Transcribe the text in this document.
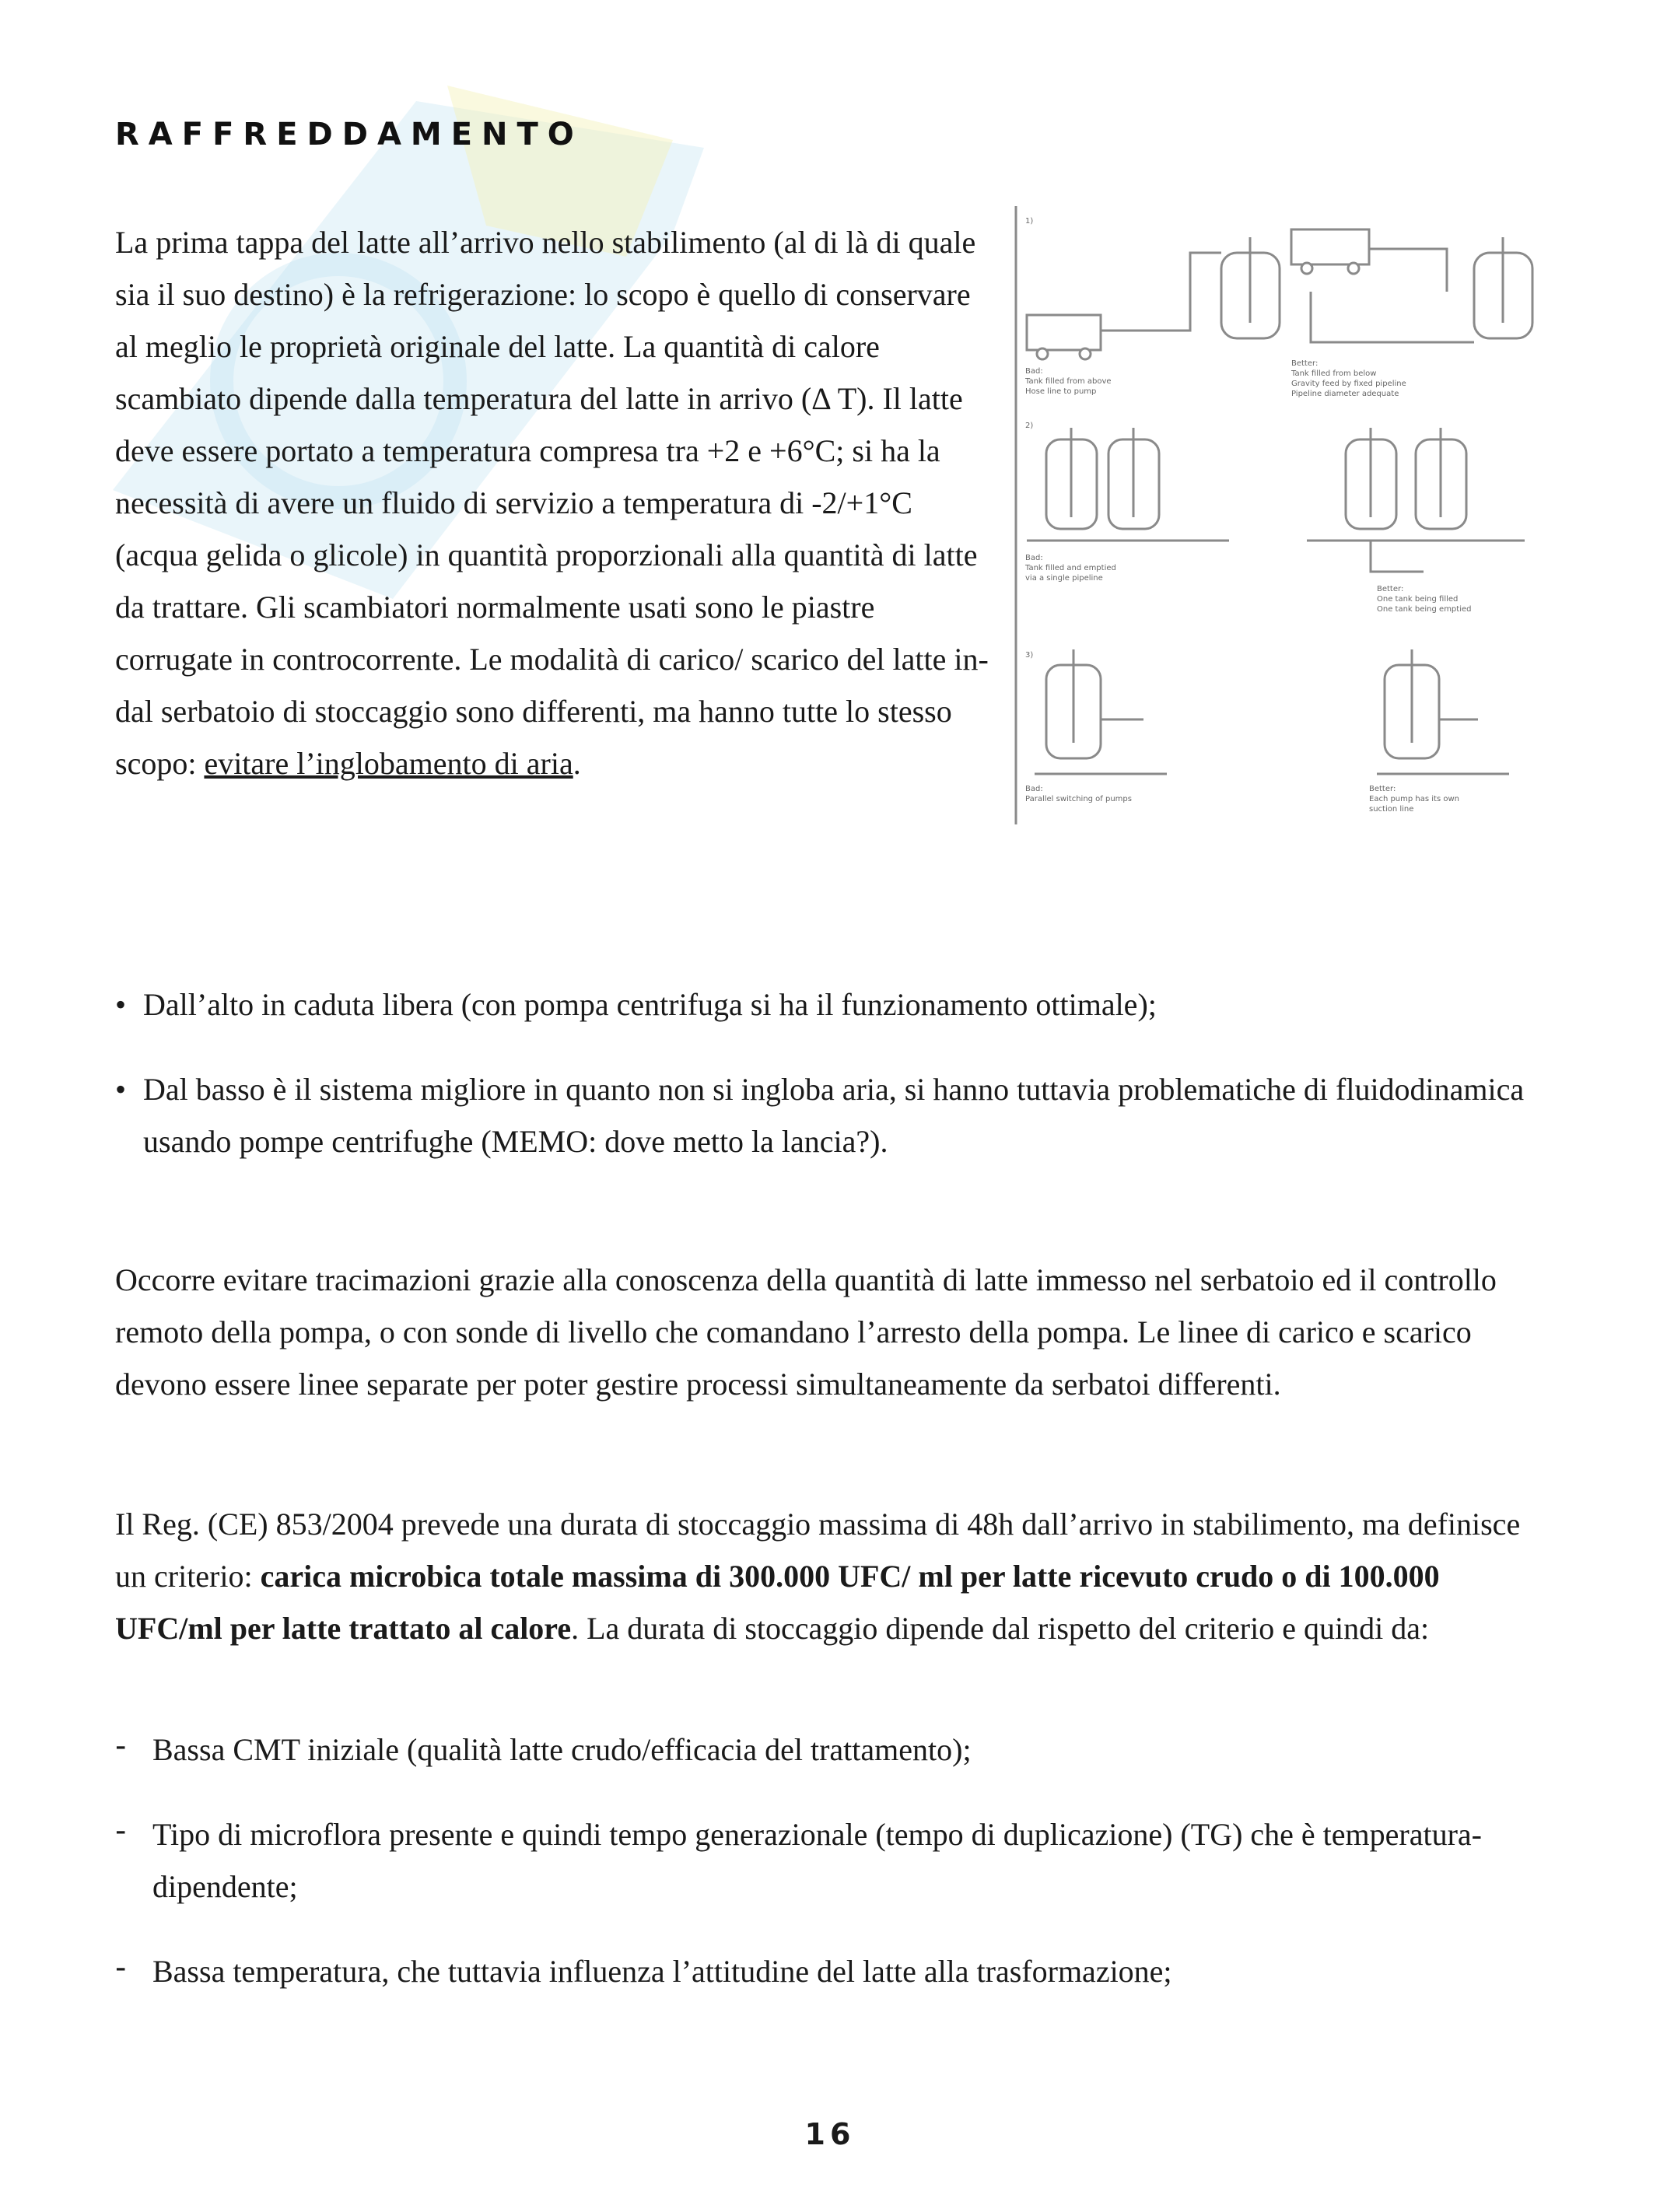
RAFFREDDAMENTO

La prima tappa del latte all’arrivo nello stabilimento (al di là di quale sia il suo destino) è la refrigerazione: lo scopo è quello di conservare al meglio le proprietà originale del latte. La quantità di calore scambiato dipende dalla temperatura del latte in arrivo (Δ T). Il latte deve essere portato a temperatura compresa tra +2 e +6°C; si ha la necessità di avere un fluido di servizio a temperatura di -2/+1°C (acqua gelida o glicole) in quantità proporzionali alla quantità di latte da trattare. Gli scambiatori normalmente usati sono le piastre corrugate in controcorrente. Le modalità di carico/ scarico del latte in-dal serbatoio di stoccaggio sono differenti, ma hanno tutte lo stesso scopo: evitare l’inglobamento di aria.

1)
Bad:
Tank filled from above
Hose line to pump
Better:
Tank filled from below
Gravity feed by fixed pipeline
Pipeline diameter adequate
2)
Bad:
Tank filled and emptied
via a single pipeline
Better:
One tank being filled
One tank being emptied
3)
Bad:
Parallel switching of pumps
Better:
Each pump has its own
suction line

• Dall’alto in caduta libera (con pompa centrifuga si ha il funzionamento ottimale);

• Dal basso è il sistema migliore in quanto non si ingloba aria, si hanno tuttavia problematiche di fluidodinamica usando pompe centrifughe (MEMO: dove metto la lancia?).

Occorre evitare tracimazioni grazie alla conoscenza della quantità di latte immesso nel serbatoio ed il controllo remoto della pompa, o con sonde di livello che comandano l’arresto della pompa. Le linee di carico e scarico devono essere linee separate per poter gestire processi simultaneamente da serbatoi differenti.

Il Reg. (CE) 853/2004 prevede una durata di stoccaggio massima di 48h dall’arrivo in stabilimento, ma definisce un criterio: carica microbica totale massima di 300.000 UFC/ ml per latte ricevuto crudo o di 100.000 UFC/ml per latte trattato al calore. La durata di stoccaggio dipende dal rispetto del criterio e quindi da:

- Bassa CMT iniziale (qualità latte crudo/efficacia del trattamento);

- Tipo di microflora presente e quindi tempo generazionale (tempo di duplicazione) (TG) che è temperatura-dipendente;

- Bassa temperatura, che tuttavia influenza l’attitudine del latte alla trasformazione;

16
